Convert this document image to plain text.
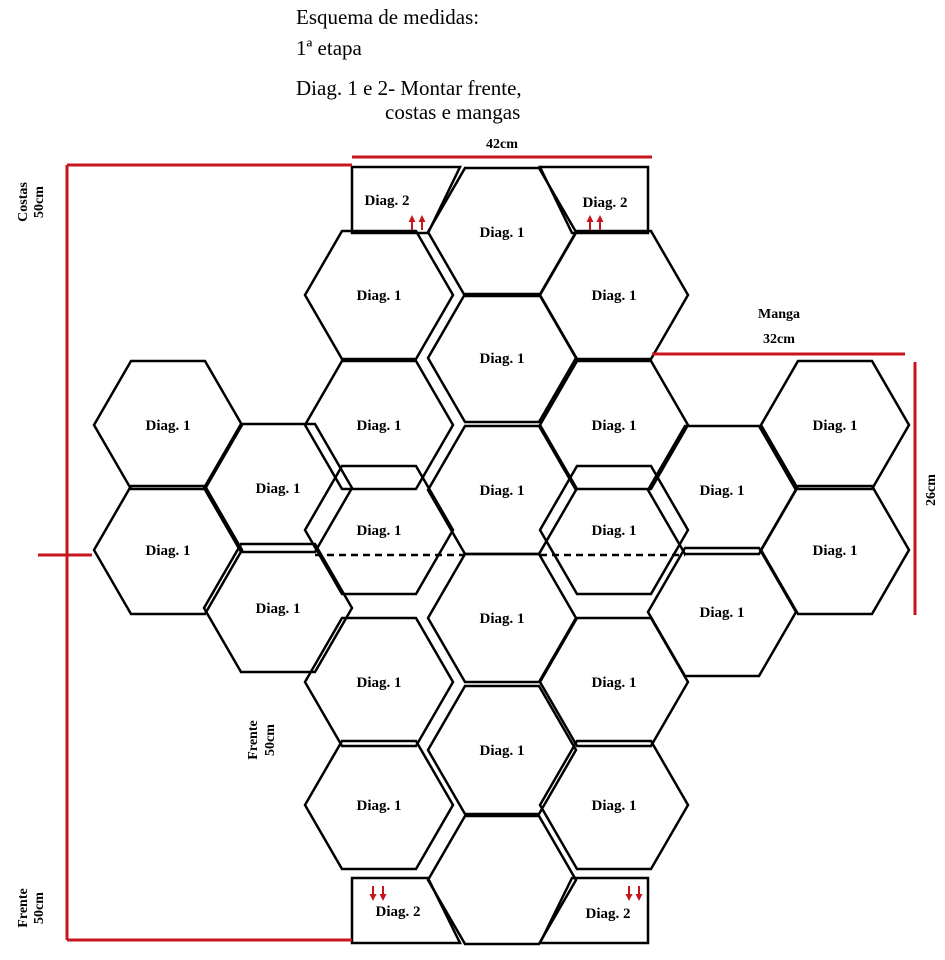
Esquema de medidas:
1ª etapa
Diag. 1 e 2- Montar frente,
costas e mangas
Diag. 1
Diag. 1	Diag. 1
Diag. 1
Diag. 1	Diag. 1	Diag. 1	Diag. 1
Diag. 1	Diag. 1	Diag. 1
Diag. 1
Diag. 1	Diag. 1
Diag. 1
Diag. 1
Diag. 1	Diag. 1
Diag. 1	Diag. 1
Diag. 1
Diag. 1	Diag. 1
Diag. 2	Diag. 2
Diag. 2	Diag. 2
42cm
Manga
32cm
26cm
Costas 50cm
Frente 50cm
Frente 50cm
